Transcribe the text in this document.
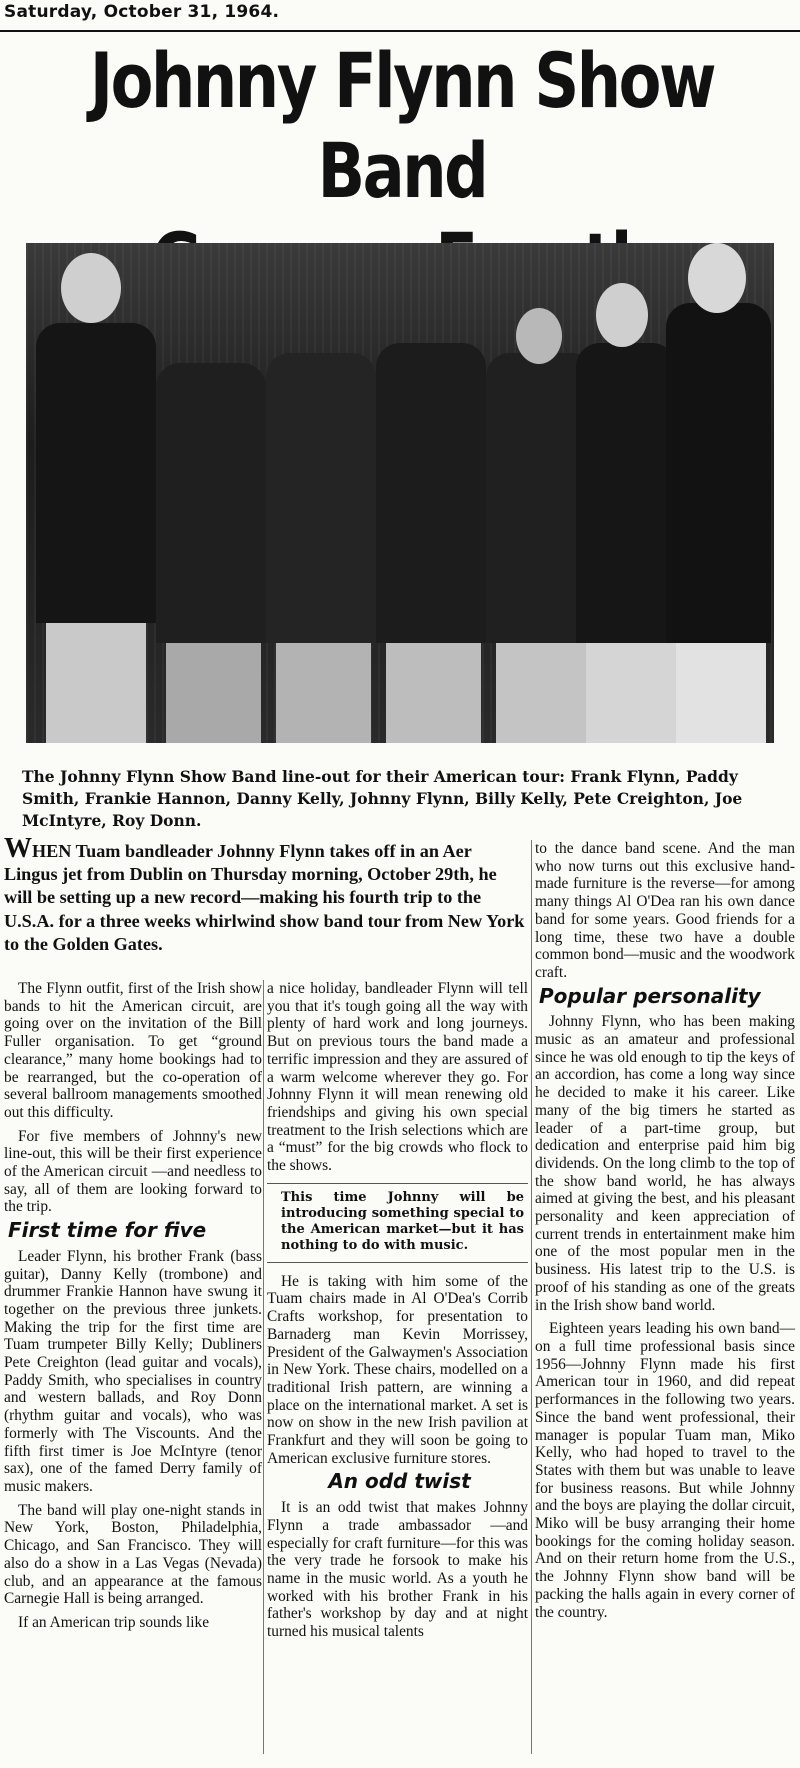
Saturday, October 31, 1964.
Johnny Flynn Show Band
The Johnny Flynn Show Band line-out for their American tour: Frank Flynn, Paddy Smith, Frankie Hannon, Danny Kelly, Johnny Flynn, Billy Kelly, Pete Creighton, Joe McIntyre, Roy Donn.
WHEN Tuam bandleader Johnny Flynn takes off in an Aer Lingus jet from Dublin on Thursday morning, October 29th, he will be setting up a new record—making his fourth trip to the U.S.A. for a three weeks whirlwind show band tour from New York to the Golden Gates.

The Flynn outfit, first of the Irish show bands to hit the American circuit, are going over on the invitation of the Bill Fuller organisation. To get “ground clearance,” many home bookings had to be rearranged, but the co-operation of several ballroom managements smoothed out this difficulty.

For five members of Johnny's new line-out, this will be their first experience of the American circuit —and needless to say, all of them are looking forward to the trip.

First time for five

Leader Flynn, his brother Frank (bass guitar), Danny Kelly (trombone) and drummer Frankie Hannon have swung it together on the previous three junkets. Making the trip for the first time are Tuam trumpeter Billy Kelly; Dubliners Pete Creighton (lead guitar and vocals), Paddy Smith, who specialises in country and western ballads, and Roy Donn (rhythm guitar and vocals), who was formerly with The Viscounts. And the fifth first timer is Joe McIntyre (tenor sax), one of the famed Derry family of music makers.

The band will play one-night stands in New York, Boston, Philadelphia, Chicago, and San Francisco. They will also do a show in a Las Vegas (Nevada) club, and an appearance at the famous Carnegie Hall is being arranged.

If an American trip sounds like

a nice holiday, bandleader Flynn will tell you that it's tough going all the way with plenty of hard work and long journeys. But on previous tours the band made a terrific impression and they are assured of a warm welcome wherever they go. For Johnny Flynn it will mean renewing old friendships and giving his own special treatment to the Irish selections which are a “must” for the big crowds who flock to the shows.

This time Johnny will be introducing something special to the American market—but it has nothing to do with music.

He is taking with him some of the Tuam chairs made in Al O'Dea's Corrib Crafts workshop, for presentation to Barnaderg man Kevin Morrissey, President of the Galwaymen's Association in New York. These chairs, modelled on a traditional Irish pattern, are winning a place on the international market. A set is now on show in the new Irish pavilion at Frankfurt and they will soon be going to American exclusive furniture stores.

An odd twist

It is an odd twist that makes Johnny Flynn a trade ambassador —and especially for craft furniture—for this was the very trade he forsook to make his name in the music world. As a youth he worked with his brother Frank in his father's workshop by day and at night turned his musical talents

to the dance band scene. And the man who now turns out this exclusive hand-made furniture is the reverse—for among many things Al O'Dea ran his own dance band for some years. Good friends for a long time, these two have a double common bond—music and the woodwork craft.

Popular personality

Johnny Flynn, who has been making music as an amateur and professional since he was old enough to tip the keys of an accordion, has come a long way since he decided to make it his career. Like many of the big timers he started as leader of a part-time group, but dedication and enterprise paid him big dividends. On the long climb to the top of the show band world, he has always aimed at giving the best, and his pleasant personality and keen appreciation of current trends in entertainment make him one of the most popular men in the business. His latest trip to the U.S. is proof of his standing as one of the greats in the Irish show band world.

Eighteen years leading his own band—on a full time professional basis since 1956—Johnny Flynn made his first American tour in 1960, and did repeat performances in the following two years. Since the band went professional, their manager is popular Tuam man, Miko Kelly, who had hoped to travel to the States with them but was unable to leave for business reasons. But while Johnny and the boys are playing the dollar circuit, Miko will be busy arranging their home bookings for the coming holiday season. And on their return home from the U.S., the Johnny Flynn show band will be packing the halls again in every corner of the country.
